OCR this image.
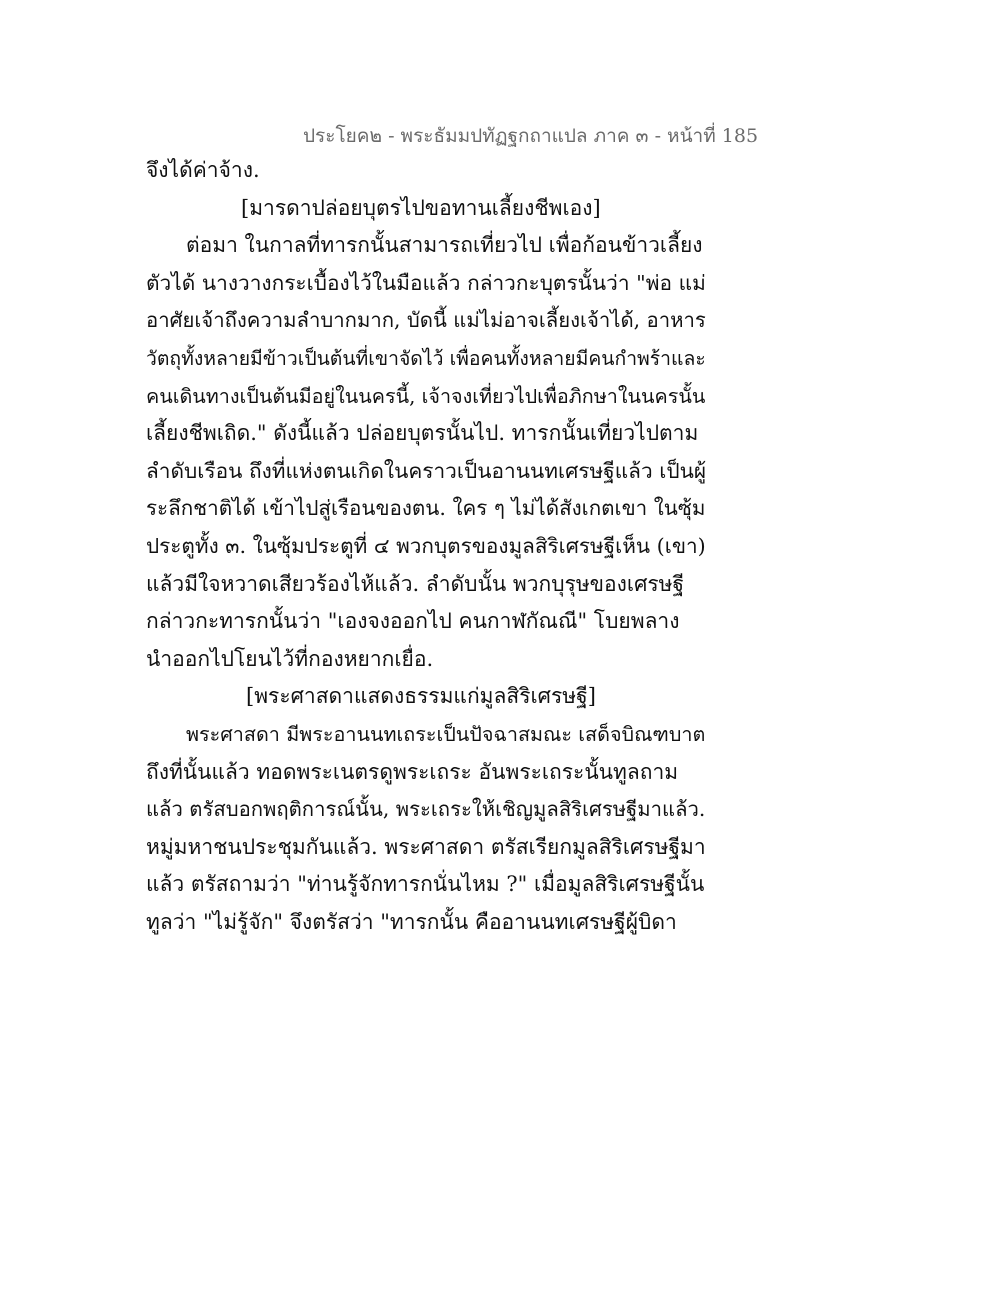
ประโยค๒ - พระธัมมปทัฏฐกถาแปล ภาค ๓ - หน้าที่ 185
จึงได้ค่าจ้าง.
[มารดาปล่อยบุตรไปขอทานเลี้ยงชีพเอง]
ต่อมา ในกาลที่ทารกนั้นสามารถเที่ยวไป เพื่อก้อนข้าวเลี้ยง
ตัวได้ นางวางกระเบื้องไว้ในมือแล้ว กล่าวกะบุตรนั้นว่า "พ่อ แม่
อาศัยเจ้าถึงความลำบากมาก, บัดนี้ แม่ไม่อาจเลี้ยงเจ้าได้, อาหาร
วัตถุทั้งหลายมีข้าวเป็นต้นที่เขาจัดไว้ เพื่อคนทั้งหลายมีคนกำพร้าและ
คนเดินทางเป็นต้นมีอยู่ในนครนี้, เจ้าจงเที่ยวไปเพื่อภิกษาในนครนั้น
เลี้ยงชีพเถิด." ดังนี้แล้ว ปล่อยบุตรนั้นไป. ทารกนั้นเที่ยวไปตาม
ลำดับเรือน ถึงที่แห่งตนเกิดในคราวเป็นอานนทเศรษฐีแล้ว เป็นผู้
ระลึกชาติได้ เข้าไปสู่เรือนของตน. ใคร ๆ ไม่ได้สังเกตเขา ในซุ้ม
ประตูทั้ง ๓. ในซุ้มประตูที่ ๔ พวกบุตรของมูลสิริเศรษฐีเห็น (เขา)
แล้วมีใจหวาดเสียวร้องไห้แล้ว. ลำดับนั้น พวกบุรุษของเศรษฐี
กล่าวกะทารกนั้นว่า "เองจงออกไป คนกาฬกัณณี" โบยพลาง
นำออกไปโยนไว้ที่กองหยากเยื่อ.
[พระศาสดาแสดงธรรมแก่มูลสิริเศรษฐี]
พระศาสดา มีพระอานนทเถระเป็นปัจฉาสมณะ เสด็จบิณฑบาต
ถึงที่นั้นแล้ว ทอดพระเนตรดูพระเถระ อันพระเถระนั้นทูลถาม
แล้ว ตรัสบอกพฤติการณ์นั้น, พระเถระให้เชิญมูลสิริเศรษฐีมาแล้ว.
หมู่มหาชนประชุมกันแล้ว. พระศาสดา ตรัสเรียกมูลสิริเศรษฐีมา
แล้ว ตรัสถามว่า "ท่านรู้จักทารกนั่นไหม ?" เมื่อมูลสิริเศรษฐีนั้น
ทูลว่า "ไม่รู้จัก" จึงตรัสว่า "ทารกนั้น คืออานนทเศรษฐีผู้บิดา
